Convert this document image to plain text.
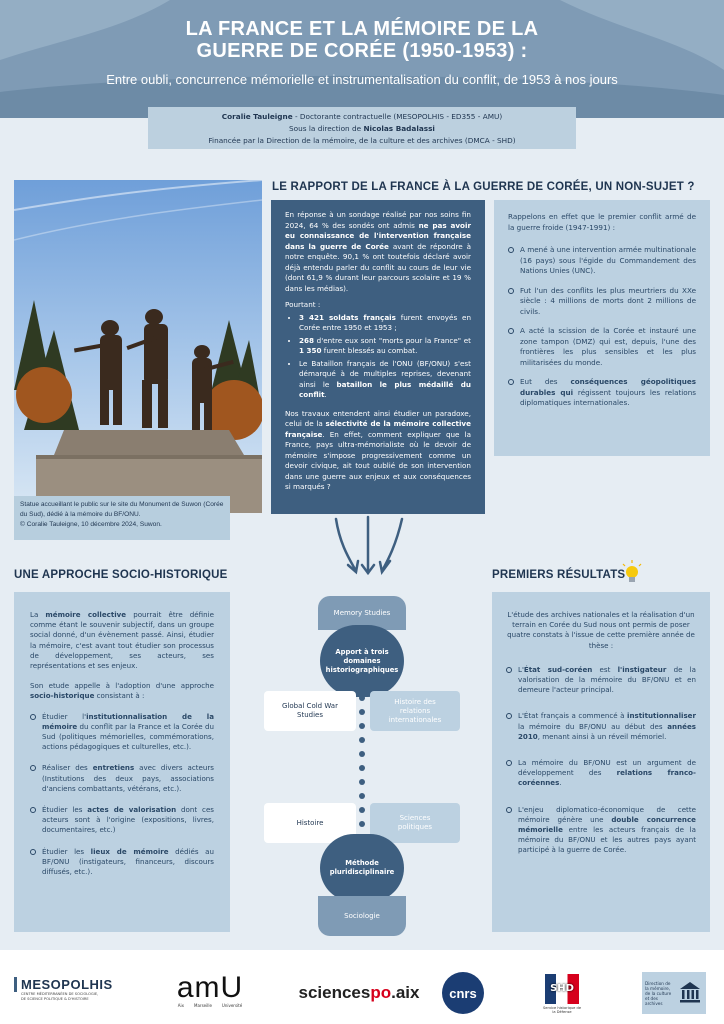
LA FRANCE ET LA MÉMOIRE DE LA
GUERRE DE CORÉE (1950-1953) :
Entre oubli, concurrence mémorielle et instrumentalisation du conflit, de 1953 à nos jours
Coralie Tauleigne - Doctorante contractuelle (MESOPOLHIS - ED355 - AMU)
Sous la direction de Nicolas Badalassi
Financée par la Direction de la mémoire, de la culture et des archives (DMCA - SHD)
Statue accueillant le public sur le site du Monument de Suwon (Corée du Sud), dédié à la mémoire du BF/ONU.
© Coralie Tauleigne, 10 décembre 2024, Suwon.
LE RAPPORT DE LA FRANCE À LA GUERRE DE CORÉE, UN NON-SUJET ?

En réponse à un sondage réalisé par nos soins fin 2024, 64 % des sondés ont admis ne pas avoir eu connaissance de l'intervention française dans la guerre de Corée avant de répondre à notre enquête. 90,1 % ont toutefois déclaré avoir déjà entendu parler du conflit au cours de leur vie (dont 61,9 % durant leur parcours scolaire et 19 % dans les médias).

Pourtant :

• 3 421 soldats français furent envoyés en Corée entre 1950 et 1953 ;
• 268 d'entre eux sont "morts pour la France" et 1 350 furent blessés au combat.
• Le Bataillon français de l'ONU (BF/ONU) s'est démarqué à de multiples reprises, devenant ainsi le bataillon le plus médaillé du conflit.

Nos travaux entendent ainsi étudier un paradoxe, celui de la sélectivité de la mémoire collective française. En effet, comment expliquer que la France, pays ultra-mémorialiste où le devoir de mémoire s'impose progressivement comme un devoir civique, ait tout oublié de son intervention dans une guerre aux enjeux et aux conséquences si marqués ?

Rappelons en effet que le premier conflit armé de la guerre froide (1947-1991) :

A mené à une intervention armée multinationale (16 pays) sous l'égide du Commandement des Nations Unies (UNC).
Fut l'un des conflits les plus meurtriers du XXe siècle : 4 millions de morts dont 2 millions de civils.
A acté la scission de la Corée et instauré une zone tampon (DMZ) qui est, depuis, l'une des frontières les plus sensibles et les plus militarisées du monde.
Eut des conséquences géopolitiques durables qui régissent toujours les relations diplomatiques internationales.
UNE APPROCHE SOCIO-HISTORIQUE

La mémoire collective pourrait être définie comme étant le souvenir subjectif, dans un groupe social donné, d'un évènement passé. Ainsi, étudier la mémoire, c'est avant tout étudier son processus de développement, ses acteurs, ses représentations et ses enjeux.

Son etude appelle à l'adoption d'une approche socio-historique consistant à :

Étudier l'institutionnalisation de la mémoire du conflit par la France et la Corée du Sud (politiques mémorielles, commémorations, actions pédagogiques et culturelles, etc.).
Réaliser des entretiens avec divers acteurs (Institutions des deux pays, associations d'anciens combattants, vétérans, etc.).
Étudier les actes de valorisation dont ces acteurs sont à l'origine (expositions, livres, documentaires, etc.)
Étudier les lieux de mémoire dédiés au BF/ONU (instigateurs, financeurs, discours diffusés, etc.).
Memory Studies
Apport à trois domaines historiographiques
Global Cold War Studies
Histoire des relations internationales
Histoire
Sciences politiques
Méthode pluridisciplinaire
Sociologie
PREMIERS RÉSULTATS

L'étude des archives nationales et la réalisation d'un terrain en Corée du Sud nous ont permis de poser quatre constats à l'issue de cette première année de thèse :

L'État sud-coréen est l'instigateur de la valorisation de la mémoire du BF/ONU et en demeure l'acteur principal.
L'État français a commencé à institutionnaliser la mémoire du BF/ONU au début des années 2010, menant ainsi à un réveil mémoriel.
La mémoire du BF/ONU est un argument de développement des relations franco-coréennes.
L'enjeu diplomatico-économique de cette mémoire génère une double concurrence mémorielle entre les acteurs français de la mémoire du BF/ONU et les autres pays ayant participé à la guerre de Corée.
MESOPOLHIS
CENTRE MÉDITERRANÉEN DE SOCIOLOGIE, DE SCIENCE POLITIQUE & D'HISTOIRE	amU
Aix	Marseille	Université
sciences po .aix	cnrs	SHD
Service historique de la Défense
Direction de la mémoire, de la culture et des archives
